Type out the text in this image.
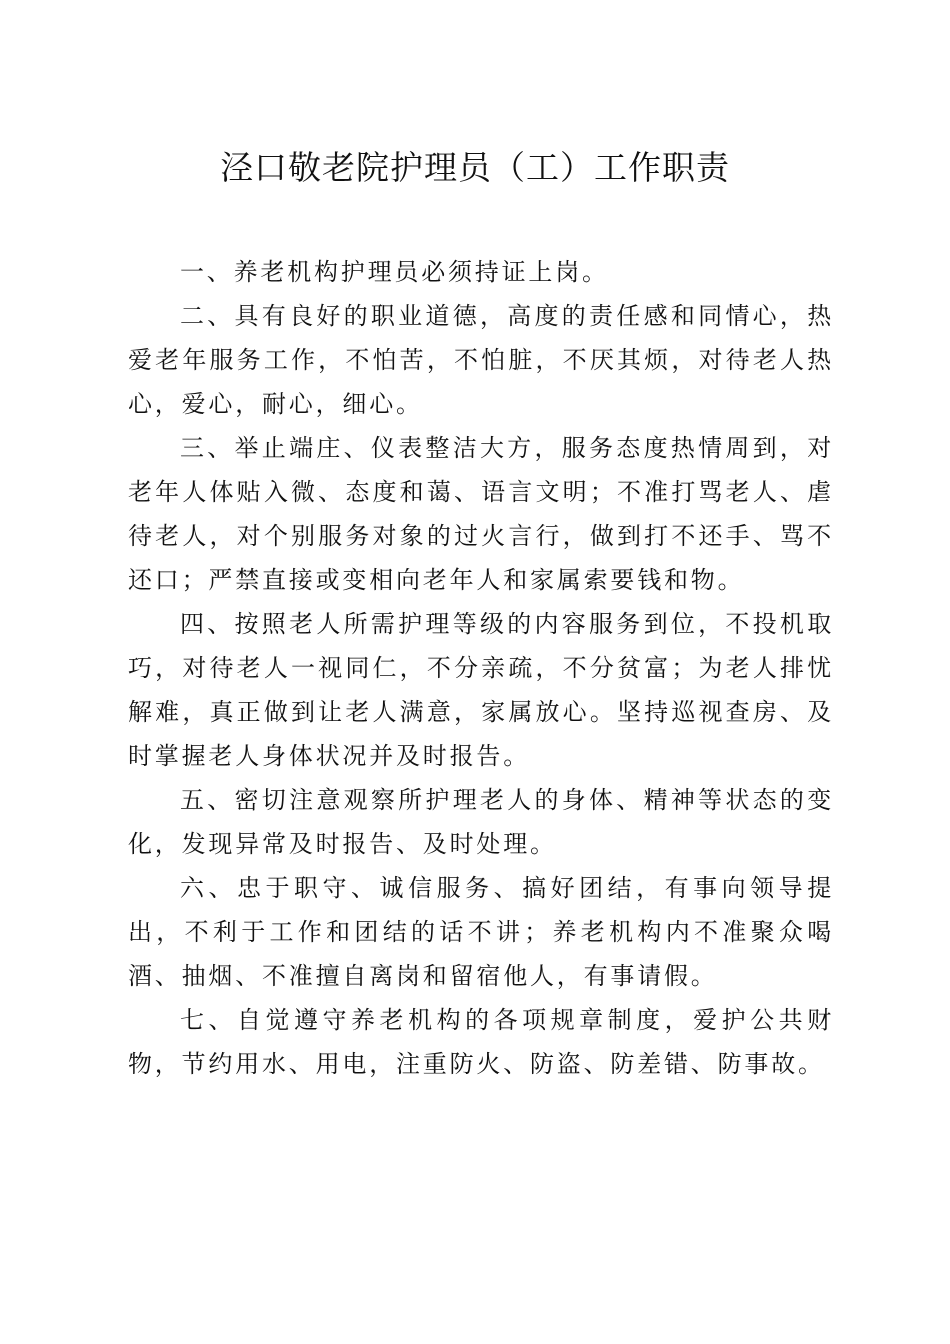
泾口敬老院护理员（工）工作职责

一、养老机构护理员必须持证上岗。

二、具有良好的职业道德，高度的责任感和同情心，热爱老年服务工作，不怕苦，不怕脏，不厌其烦，对待老人热心，爱心，耐心，细心。

三、举止端庄、仪表整洁大方，服务态度热情周到，对老年人体贴入微、态度和蔼、语言文明；不准打骂老人、虐待老人，对个别服务对象的过火言行，做到打不还手、骂不还口；严禁直接或变相向老年人和家属索要钱和物。

四、按照老人所需护理等级的内容服务到位，不投机取巧，对待老人一视同仁，不分亲疏，不分贫富；为老人排忧解难，真正做到让老人满意，家属放心。坚持巡视查房、及时掌握老人身体状况并及时报告。

五、密切注意观察所护理老人的身体、精神等状态的变化，发现异常及时报告、及时处理。

六、忠于职守、诚信服务、搞好团结，有事向领导提出，不利于工作和团结的话不讲；养老机构内不准聚众喝酒、抽烟、不准擅自离岗和留宿他人，有事请假。

七、自觉遵守养老机构的各项规章制度，爱护公共财物，节约用水、用电，注重防火、防盗、防差错、防事故。
